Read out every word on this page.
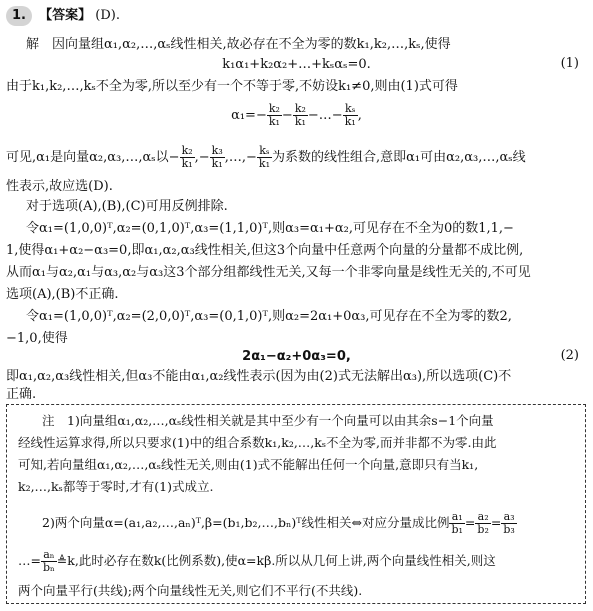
1. 【答案】 (D).
解　因向量组α₁,α₂,…,αₛ线性相关,故必存在不全为零的数k₁,k₂,…,kₛ,使得
k₁α₁+k₂α₂+…+kₛαₛ=0.	(1)
由于k₁,k₂,…,kₛ不全为零,所以至少有一个不等于零,不妨设k₁≠0,则由(1)式可得
$\alpha_1=- \frac{\text{k₂}}{\text{k₁}} - \frac{\text{k₂}}{\text{k₁}}$ −…− $\frac{\text{kₛ}}{\text{k₁}}$ ,
可见,α₁是向量α₂,α₃,…,αₛ以− $\frac{\text{k₂}}{\text{k₁}}$ ,− $\frac{\text{k₃}}{\text{k₁}}$ ,…,− $\frac{\text{kₛ}}{\text{k₁}}$ 为系数的线性组合,意即α₁可由α₂,α₃,…,αₛ线
性表示,故应选(D).
对于选项(A),(B),(C)可用反例排除.
令α₁=(1,0,0)ᵀ,α₂=(0,1,0)ᵀ,α₃=(1,1,0)ᵀ,则α₃=α₁+α₂,可见存在不全为0的数1,1,−
1,使得α₁+α₂−α₃=0,即α₁,α₂,α₃线性相关,但这3个向量中任意两个向量的分量都不成比例,
从而α₁与α₂,α₁与α₃,α₂与α₃这3个部分组都线性无关,又每一个非零向量是线性无关的,不可见
选项(A),(B)不正确.
令α₁=(1,0,0)ᵀ,α₂=(2,0,0)ᵀ,α₃=(0,1,0)ᵀ,则α₂=2α₁+0α₃,可见存在不全为零的数2,
−1,0,使得
2α₁−α₂+0α₃=0,	(2)
即α₁,α₂,α₃线性相关,但α₃不能由α₁,α₂线性表示(因为由(2)式无法解出α₃),所以选项(C)不
正确.
注　1)向量组α₁,α₂,…,αₛ线性相关就是其中至少有一个向量可以由其余s−1个向量
经线性运算求得,所以只要求(1)中的组合系数k₁,k₂,…,kₛ不全为零,而并非都不为零.由此
可知,若向量组α₁,α₂,…,αₛ线性无关,则由(1)式不能解出任何一个向量,意即只有当k₁,
k₂,…,kₛ都等于零时,才有(1)式成立.
2)两个向量α=(a₁,a₂,…,aₙ)ᵀ,β=(b₁,b₂,…,bₙ)ᵀ线性相关⇔对应分量成比例 $\frac{\text{a₁}}{\text{b₁}} = \frac{\text{a₂}}{\text{b₂}} = \frac{\text{a₃}}{\text{b₃}}$
…= $\frac{\text{aₙ}}{\text{bₙ}}$ ≜k,此时必存在数k(比例系数),使α=kβ.所以从几何上讲,两个向量线性相关,则这
两个向量平行(共线);两个向量线性无关,则它们不平行(不共线).
